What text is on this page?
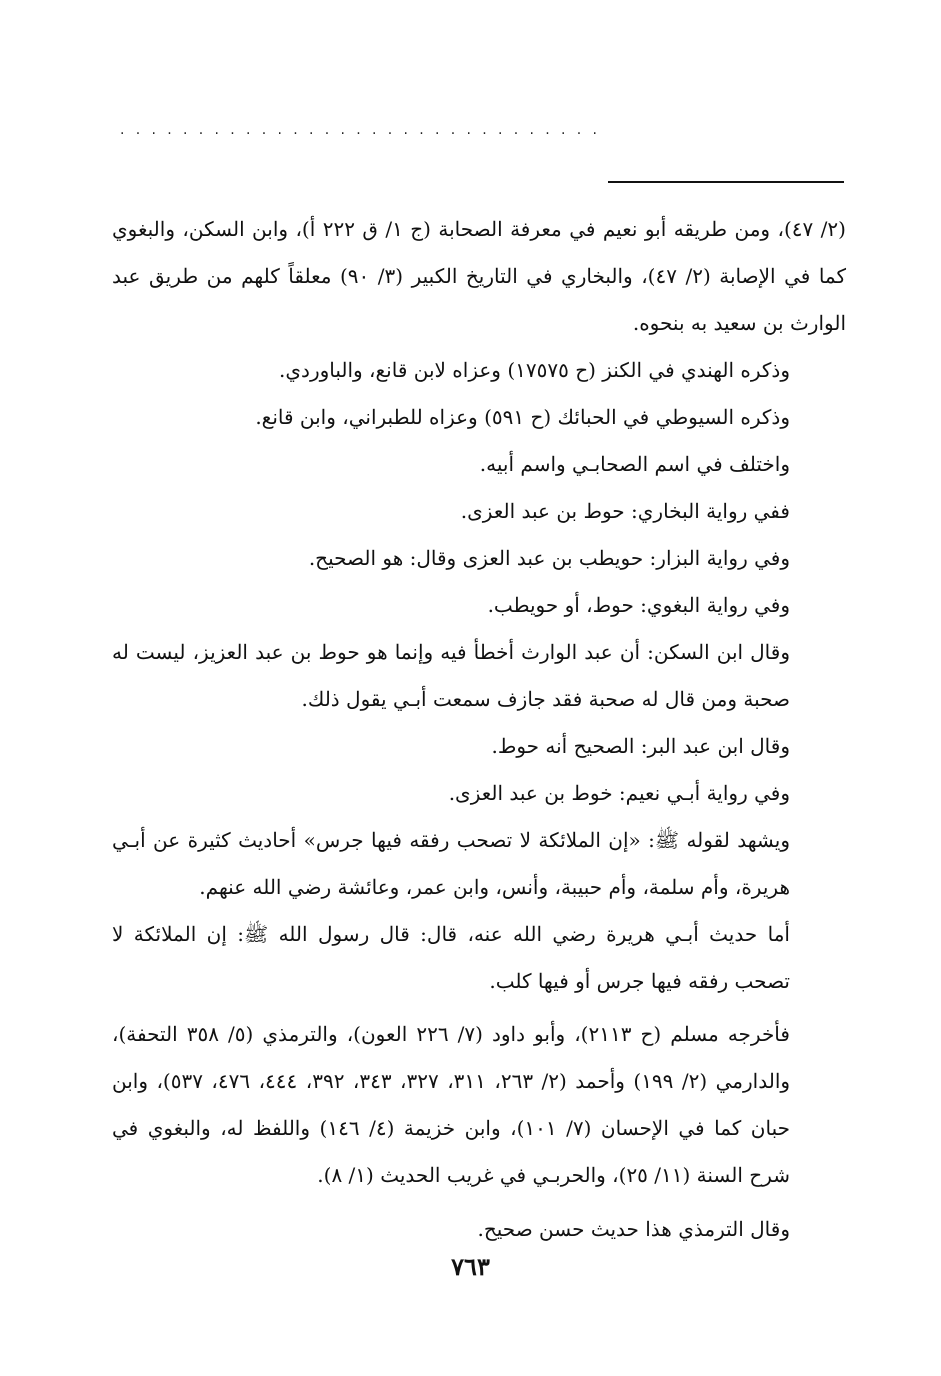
...............................

(٢/ ٤٧)، ومن طريقه أبو نعيم في معرفة الصحابة (ج ١/ ق ٢٢٢ أ)، وابن السكن، والبغوي كما في الإصابة (٢/ ٤٧)، والبخاري في التاريخ الكبير (٣/ ٩٠) معلقاً كلهم من طريق عبد الوارث بن سعيد به بنحوه.

وذكره الهندي في الكنز (ح ١٧٥٧٥) وعزاه لابن قانع، والباوردي.

وذكره السيوطي في الحبائك (ح ٥٩١) وعزاه للطبراني، وابن قانع.

واختلف في اسم الصحابـي واسم أبيه.

ففي رواية البخاري: حوط بن عبد العزى.

وفي رواية البزار: حويطب بن عبد العزى وقال: هو الصحيح.

وفي رواية البغوي: حوط، أو حويطب.

وقال ابن السكن: أن عبد الوارث أخطأ فيه وإنما هو حوط بن عبد العزيز، ليست له صحبة ومن قال له صحبة فقد جازف سمعت أبـي يقول ذلك.

وقال ابن عبد البر: الصحيح أنه حوط.

وفي رواية أبـي نعيم: خوط بن عبد العزى.

ويشهد لقوله ﷺ: «إن الملائكة لا تصحب رفقه فيها جرس» أحاديث كثيرة عن أبـي هريرة، وأم سلمة، وأم حبيبة، وأنس، وابن عمر، وعائشة رضي الله عنهم.

أما حديث أبـي هريرة رضي الله عنه، قال: قال رسول الله ﷺ: إن الملائكة لا تصحب رفقه فيها جرس أو فيها كلب.

فأخرجه مسلم (ح ٢١١٣)، وأبو داود (٧/ ٢٢٦ العون)، والترمذي (٥/ ٣٥٨ التحفة)، والدارمي (٢/ ١٩٩) وأحمد (٢/ ٢٦٣، ٣١١، ٣٢٧، ٣٤٣، ٣٩٢، ٤٤٤، ٤٧٦، ٥٣٧)، وابن حبان كما في الإحسان (٧/ ١٠١)، وابن خزيمة (٤/ ١٤٦) واللفظ له، والبغوي في شرح السنة (١١/ ٢٥)، والحربـي في غريب الحديث (١/ ٨).

وقال الترمذي هذا حديث حسن صحيح.

٧٦٣
